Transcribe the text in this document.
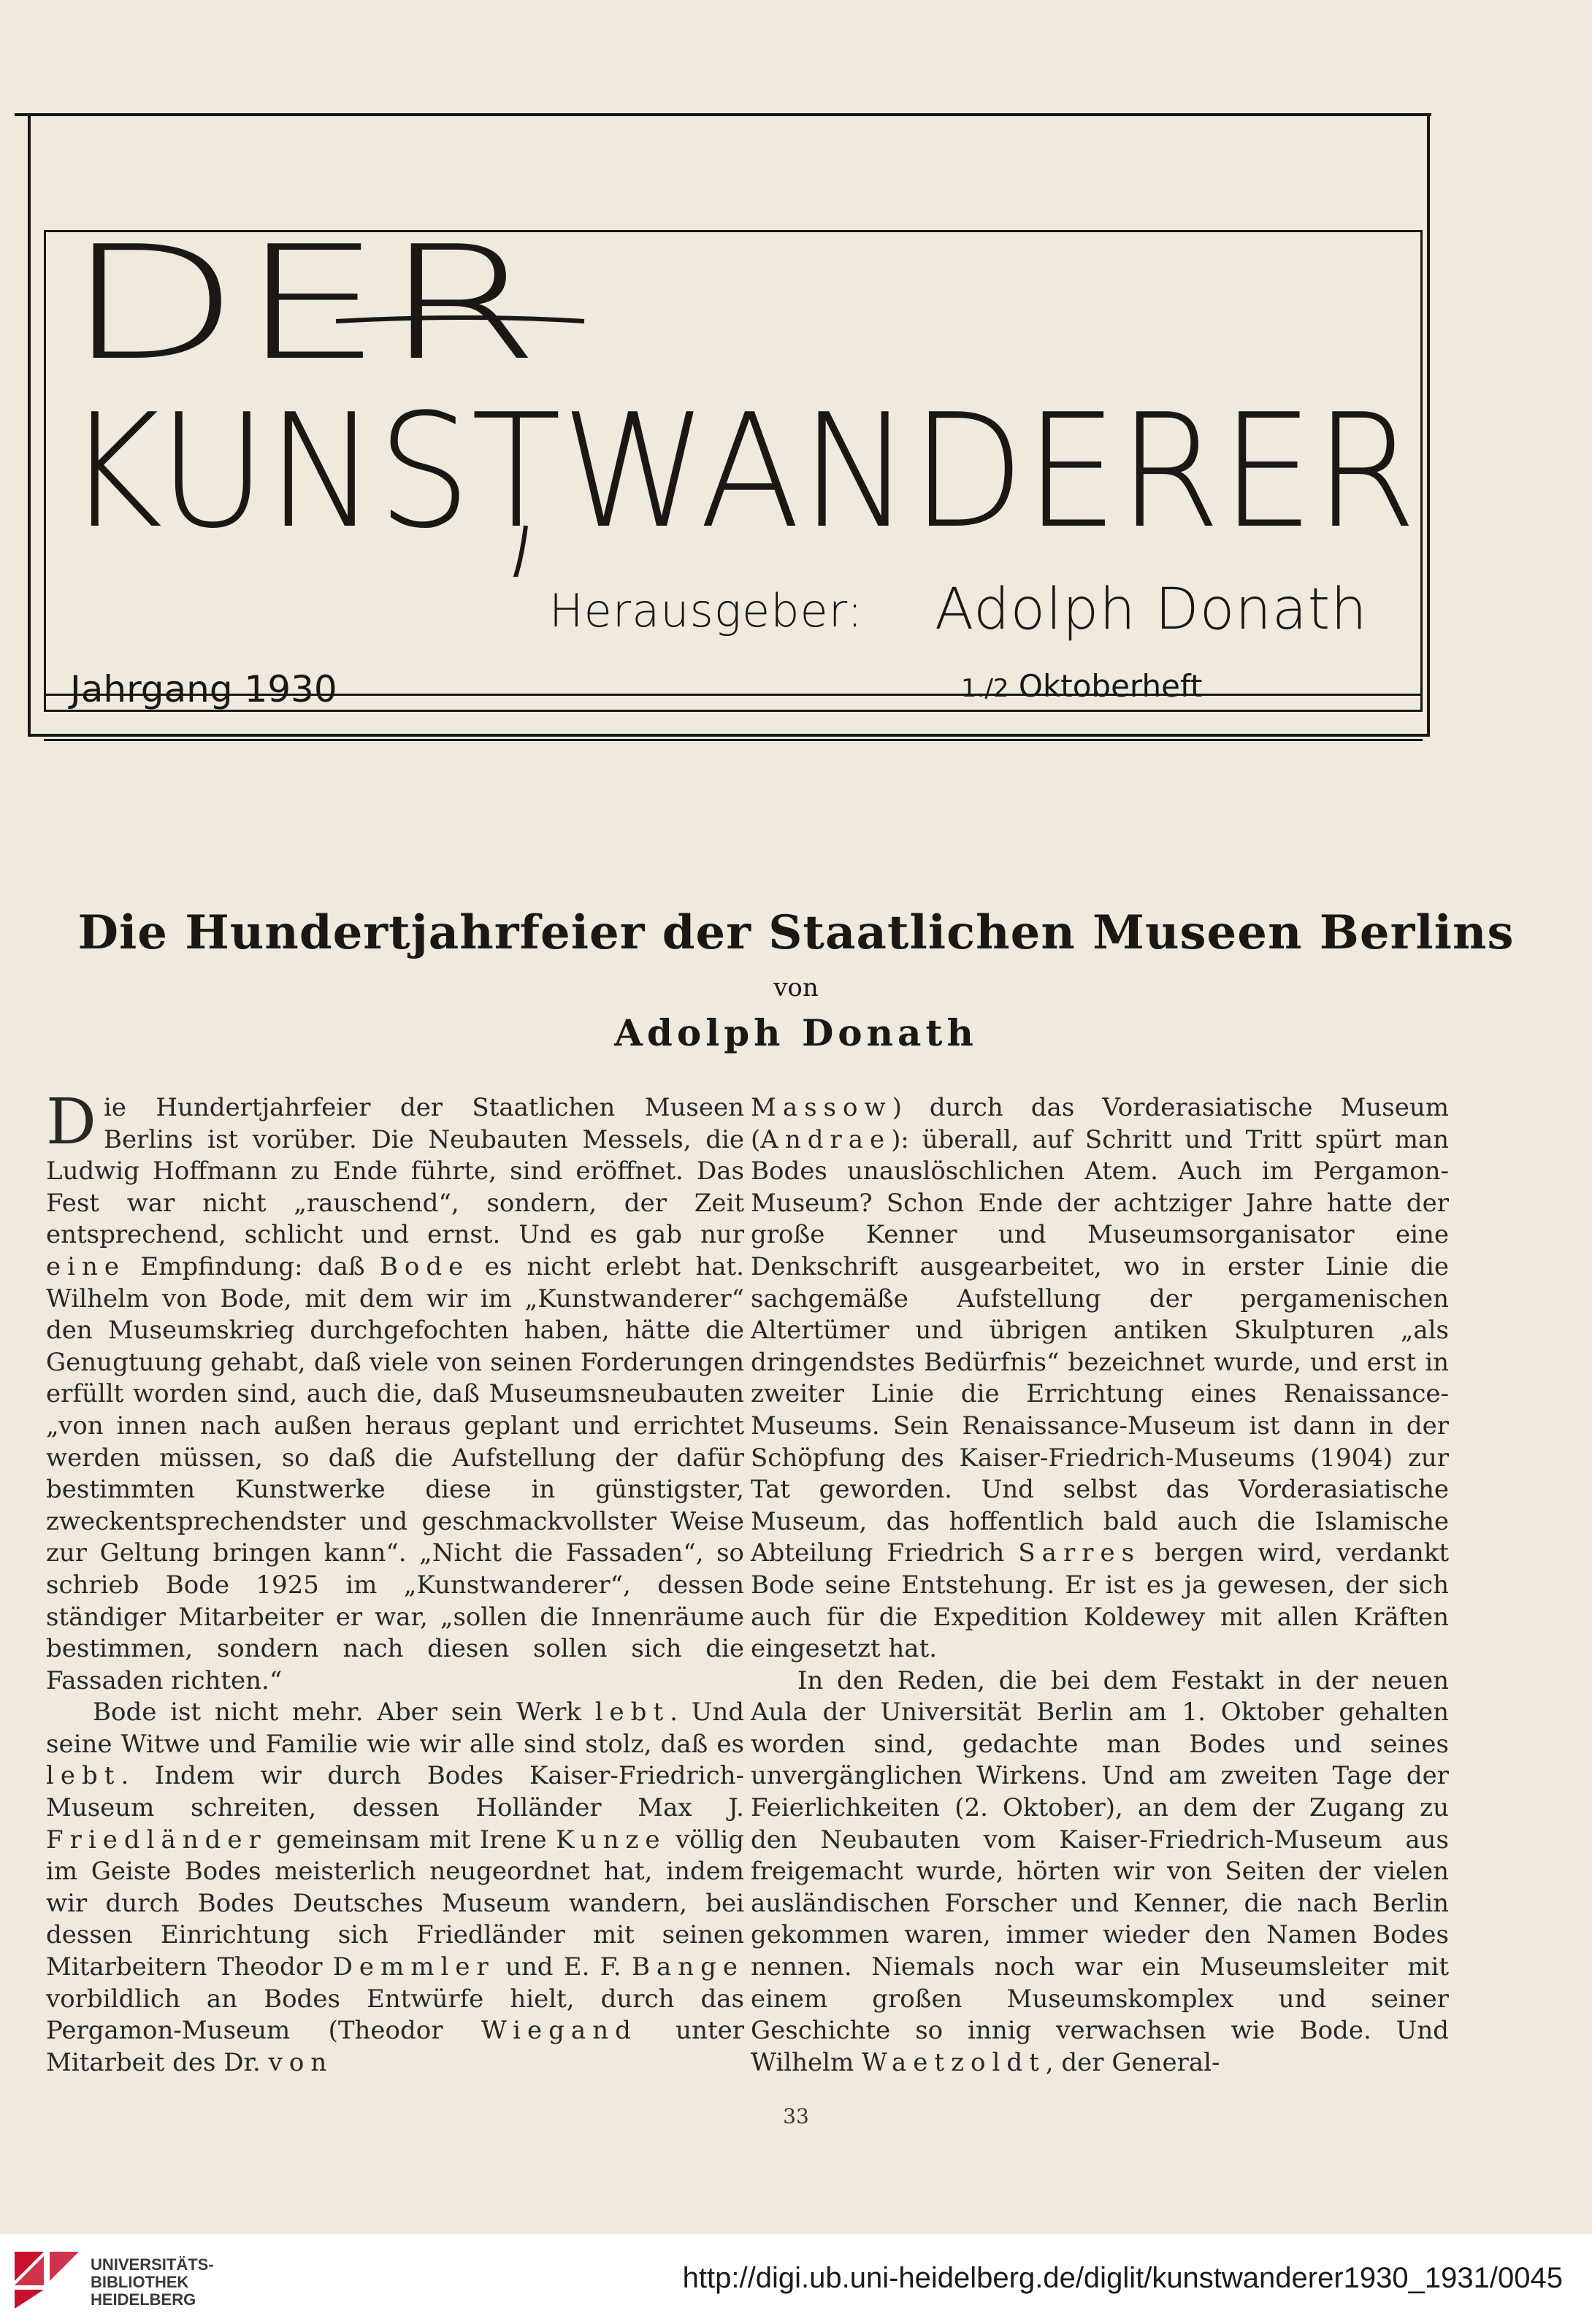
DER
KUNSTWANDERER
Herausgeber: Adolph Donath
Jahrgang 1930	1./2 Oktoberheft
Die Hundertjahrfeier der Staatlichen Museen Berlins
von
Adolph Donath

Die Hundertjahrfeier der Staatlichen Museen Berlins ist vorüber. Die Neubauten Messels, die Ludwig Hoffmann zu Ende führte, sind eröffnet. Das Fest war nicht „rauschend“, sondern, der Zeit entsprechend, schlicht und ernst. Und es gab nur eine Empfindung: daß Bode es nicht erlebt hat. Wilhelm von Bode, mit dem wir im „Kunstwanderer“ den Museumskrieg durchgefochten haben, hätte die Genugtuung gehabt, daß viele von seinen Forderungen erfüllt worden sind, auch die, daß Museumsneubauten „von innen nach außen heraus geplant und errichtet werden müssen, so daß die Aufstellung der dafür bestimmten Kunstwerke diese in günstigster, zweckentsprechendster und geschmackvollster Weise zur Geltung bringen kann“. „Nicht die Fassaden“, so schrieb Bode 1925 im „Kunstwanderer“, dessen ständiger Mitarbeiter er war, „sollen die Innenräume bestimmen, sondern nach diesen sollen sich die Fassaden richten.“

Bode ist nicht mehr. Aber sein Werk lebt. Und seine Witwe und Familie wie wir alle sind stolz, daß es lebt. Indem wir durch Bodes Kaiser-Friedrich-Museum schreiten, dessen Holländer Max J. Friedländer gemeinsam mit Irene Kunze völlig im Geiste Bodes meisterlich neugeordnet hat, indem wir durch Bodes Deutsches Museum wandern, bei dessen Einrichtung sich Friedländer mit seinen Mitarbeitern Theodor Demmler und E. F. Bange vorbildlich an Bodes Entwürfe hielt, durch das Pergamon-Museum (Theodor Wiegand unter Mitarbeit des Dr. von

Massow) durch das Vorderasiatische Museum (Andrae): überall, auf Schritt und Tritt spürt man Bodes unauslöschlichen Atem. Auch im Pergamon-Museum? Schon Ende der achtziger Jahre hatte der große Kenner und Museumsorganisator eine Denkschrift ausgearbeitet, wo in erster Linie die sachgemäße Aufstellung der pergamenischen Altertümer und übrigen antiken Skulpturen „als dringendstes Bedürfnis“ bezeichnet wurde, und erst in zweiter Linie die Errichtung eines Renaissance-Museums. Sein Renaissance-Museum ist dann in der Schöpfung des Kaiser-Friedrich-Museums (1904) zur Tat geworden. Und selbst das Vorderasiatische Museum, das hoffentlich bald auch die Islamische Abteilung Friedrich Sarres bergen wird, verdankt Bode seine Entstehung. Er ist es ja gewesen, der sich auch für die Expedition Koldewey mit allen Kräften eingesetzt hat.

In den Reden, die bei dem Festakt in der neuen Aula der Universität Berlin am 1. Oktober gehalten worden sind, gedachte man Bodes und seines unvergänglichen Wirkens. Und am zweiten Tage der Feierlichkeiten (2. Oktober), an dem der Zugang zu den Neubauten vom Kaiser-Friedrich-Museum aus freigemacht wurde, hörten wir von Seiten der vielen ausländischen Forscher und Kenner, die nach Berlin gekommen waren, immer wieder den Namen Bodes nennen. Niemals noch war ein Museumsleiter mit einem großen Museumskomplex und seiner Geschichte so innig verwachsen wie Bode. Und Wilhelm Waetzoldt, der General-

33
UNIVERSITÄTS-
BIBLIOTHEK
HEIDELBERG
http://digi.ub.uni-heidelberg.de/diglit/kunstwanderer1930_1931/0045
